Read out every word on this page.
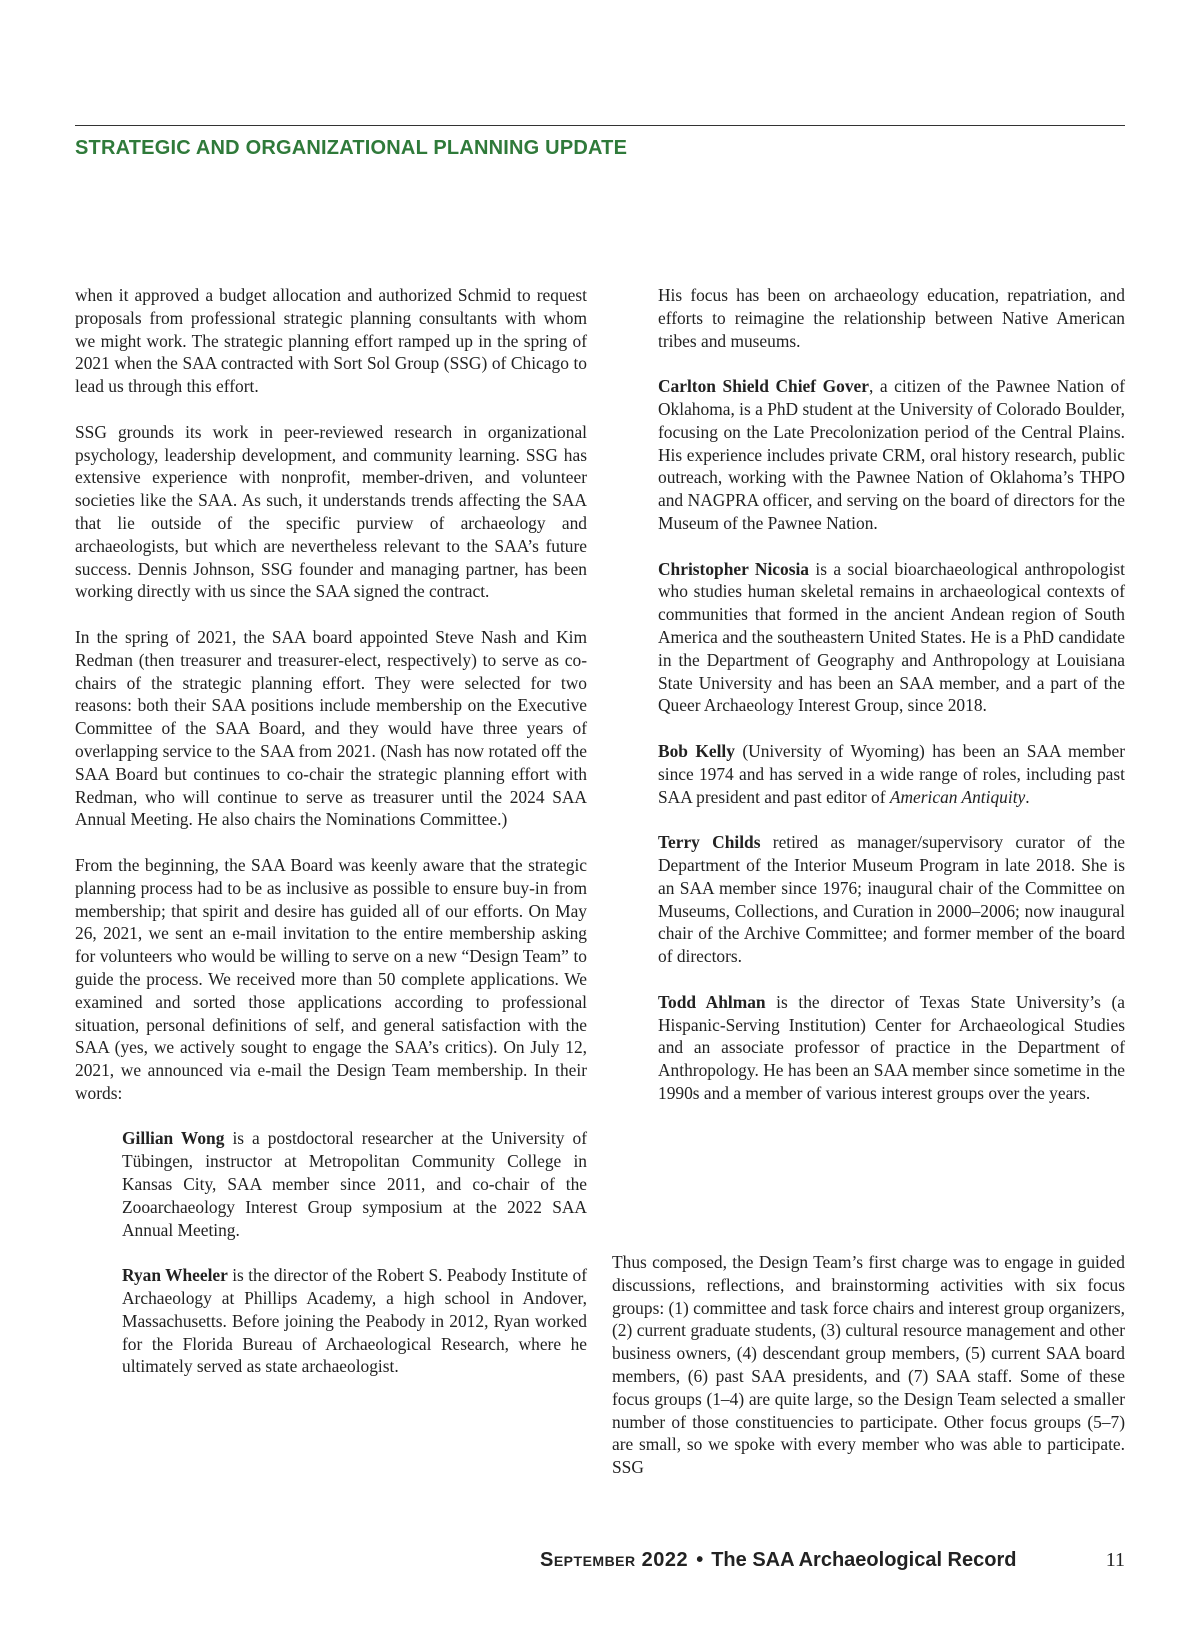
STRATEGIC AND ORGANIZATIONAL PLANNING UPDATE

when it approved a budget allocation and authorized Schmid to request proposals from professional strategic planning consultants with whom we might work. The strategic planning effort ramped up in the spring of 2021 when the SAA contracted with Sort Sol Group (SSG) of Chicago to lead us through this effort.

SSG grounds its work in peer-reviewed research in organizational psychology, leadership development, and community learning. SSG has extensive experience with nonprofit, member-driven, and volunteer societies like the SAA. As such, it understands trends affecting the SAA that lie outside of the specific purview of archaeology and archaeologists, but which are nevertheless relevant to the SAA’s future success. Dennis Johnson, SSG founder and managing partner, has been working directly with us since the SAA signed the contract.

In the spring of 2021, the SAA board appointed Steve Nash and Kim Redman (then treasurer and treasurer-elect, respectively) to serve as co-chairs of the strategic planning effort. They were selected for two reasons: both their SAA positions include membership on the Executive Committee of the SAA Board, and they would have three years of overlapping service to the SAA from 2021. (Nash has now rotated off the SAA Board but continues to co-chair the strategic planning effort with Redman, who will continue to serve as treasurer until the 2024 SAA Annual Meeting. He also chairs the Nominations Committee.)

From the beginning, the SAA Board was keenly aware that the strategic planning process had to be as inclusive as possible to ensure buy-in from membership; that spirit and desire has guided all of our efforts. On May 26, 2021, we sent an e-mail invitation to the entire membership asking for volunteers who would be willing to serve on a new “Design Team” to guide the process. We received more than 50 complete applications. We examined and sorted those applications according to professional situation, personal definitions of self, and general satisfaction with the SAA (yes, we actively sought to engage the SAA’s critics). On July 12, 2021, we announced via e-mail the Design Team membership. In their words:

Gillian Wong is a postdoctoral researcher at the University of Tübingen, instructor at Metropolitan Community College in Kansas City, SAA member since 2011, and co-chair of the Zooarchaeology Interest Group symposium at the 2022 SAA Annual Meeting.

Ryan Wheeler is the director of the Robert S. Peabody Institute of Archaeology at Phillips Academy, a high school in Andover, Massachusetts. Before joining the Peabody in 2012, Ryan worked for the Florida Bureau of Archaeological Research, where he ultimately served as state archaeologist.

His focus has been on archaeology education, repatriation, and efforts to reimagine the relationship between Native American tribes and museums.

Carlton Shield Chief Gover, a citizen of the Pawnee Nation of Oklahoma, is a PhD student at the University of Colorado Boulder, focusing on the Late Precolonization period of the Central Plains. His experience includes private CRM, oral history research, public outreach, working with the Pawnee Nation of Oklahoma’s THPO and NAGPRA officer, and serving on the board of directors for the Museum of the Pawnee Nation.

Christopher Nicosia is a social bioarchaeological anthropologist who studies human skeletal remains in archaeological contexts of communities that formed in the ancient Andean region of South America and the southeastern United States. He is a PhD candidate in the Department of Geography and Anthropology at Louisiana State University and has been an SAA member, and a part of the Queer Archaeology Interest Group, since 2018.

Bob Kelly (University of Wyoming) has been an SAA member since 1974 and has served in a wide range of roles, including past SAA president and past editor of American Antiquity.

Terry Childs retired as manager/supervisory curator of the Department of the Interior Museum Program in late 2018. She is an SAA member since 1976; inaugural chair of the Committee on Museums, Collections, and Curation in 2000–2006; now inaugural chair of the Archive Committee; and former member of the board of directors.

Todd Ahlman is the director of Texas State University’s (a Hispanic-Serving Institution) Center for Archaeological Studies and an associate professor of practice in the Department of Anthropology. He has been an SAA member since sometime in the 1990s and a member of various interest groups over the years.

Thus composed, the Design Team’s first charge was to engage in guided discussions, reflections, and brainstorming activities with six focus groups: (1) committee and task force chairs and interest group organizers, (2) current graduate students, (3) cultural resource management and other business owners, (4) descendant group members, (5) current SAA board members, (6) past SAA presidents, and (7) SAA staff. Some of these focus groups (1–4) are quite large, so the Design Team selected a smaller number of those constituencies to participate. Other focus groups (5–7) are small, so we spoke with every member who was able to participate. SSG

September 2022 • The SAA Archaeological Record	11
